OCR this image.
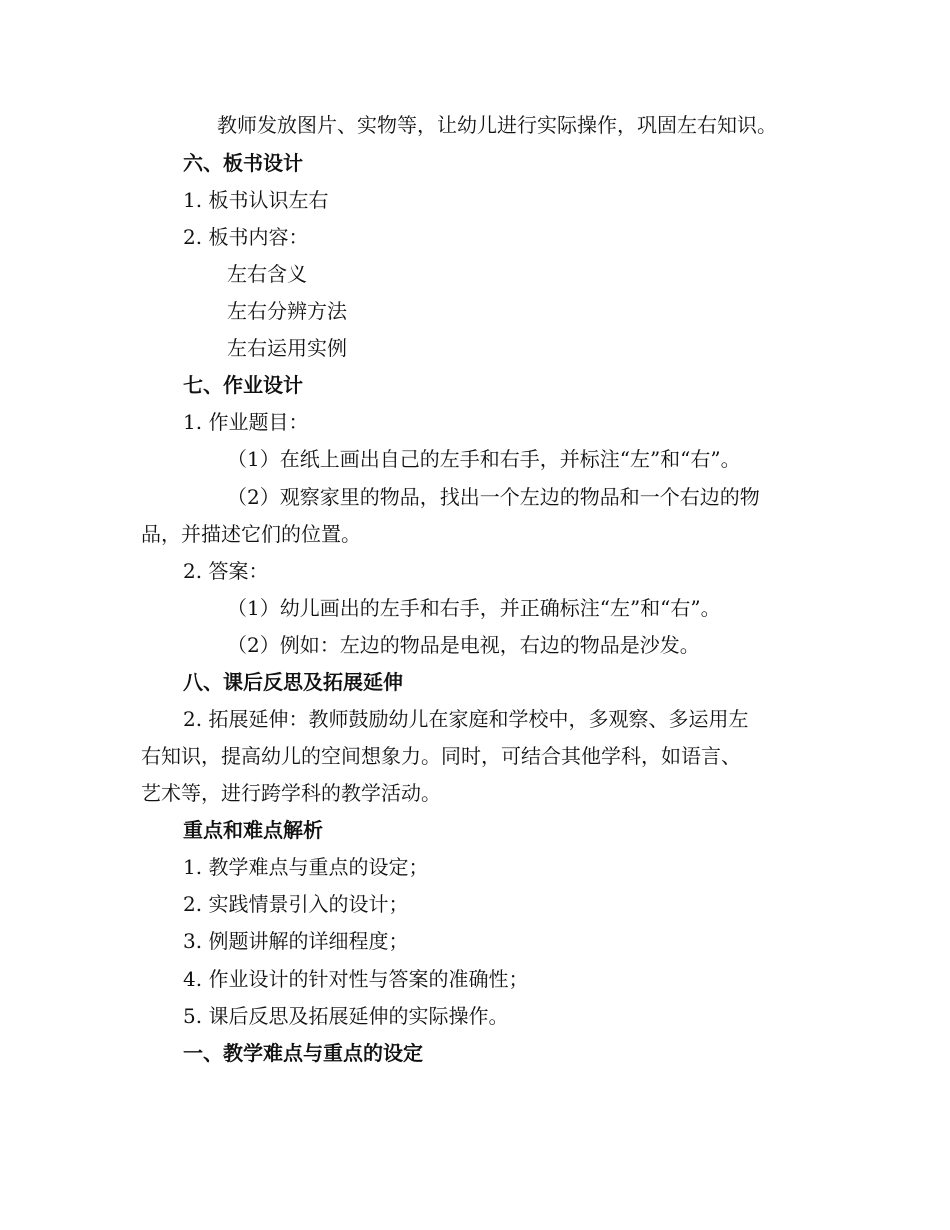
教师发放图片、实物等，让幼儿进行实际操作，巩固左右知识。
六、板书设计
1. 板书认识左右
2. 板书内容：
左右含义
左右分辨方法
左右运用实例
七、作业设计
1. 作业题目：
（1）在纸上画出自己的左手和右手，并标注“左”和“右”。
（2）观察家里的物品，找出一个左边的物品和一个右边的物
品，并描述它们的位置。
2. 答案：
（1）幼儿画出的左手和右手，并正确标注“左”和“右”。
（2）例如：左边的物品是电视，右边的物品是沙发。
八、课后反思及拓展延伸
2. 拓展延伸：教师鼓励幼儿在家庭和学校中，多观察、多运用左
右知识，提高幼儿的空间想象力。同时，可结合其他学科，如语言、
艺术等，进行跨学科的教学活动。
重点和难点解析
1. 教学难点与重点的设定；
2. 实践情景引入的设计；
3. 例题讲解的详细程度；
4. 作业设计的针对性与答案的准确性；
5. 课后反思及拓展延伸的实际操作。
一、教学难点与重点的设定
